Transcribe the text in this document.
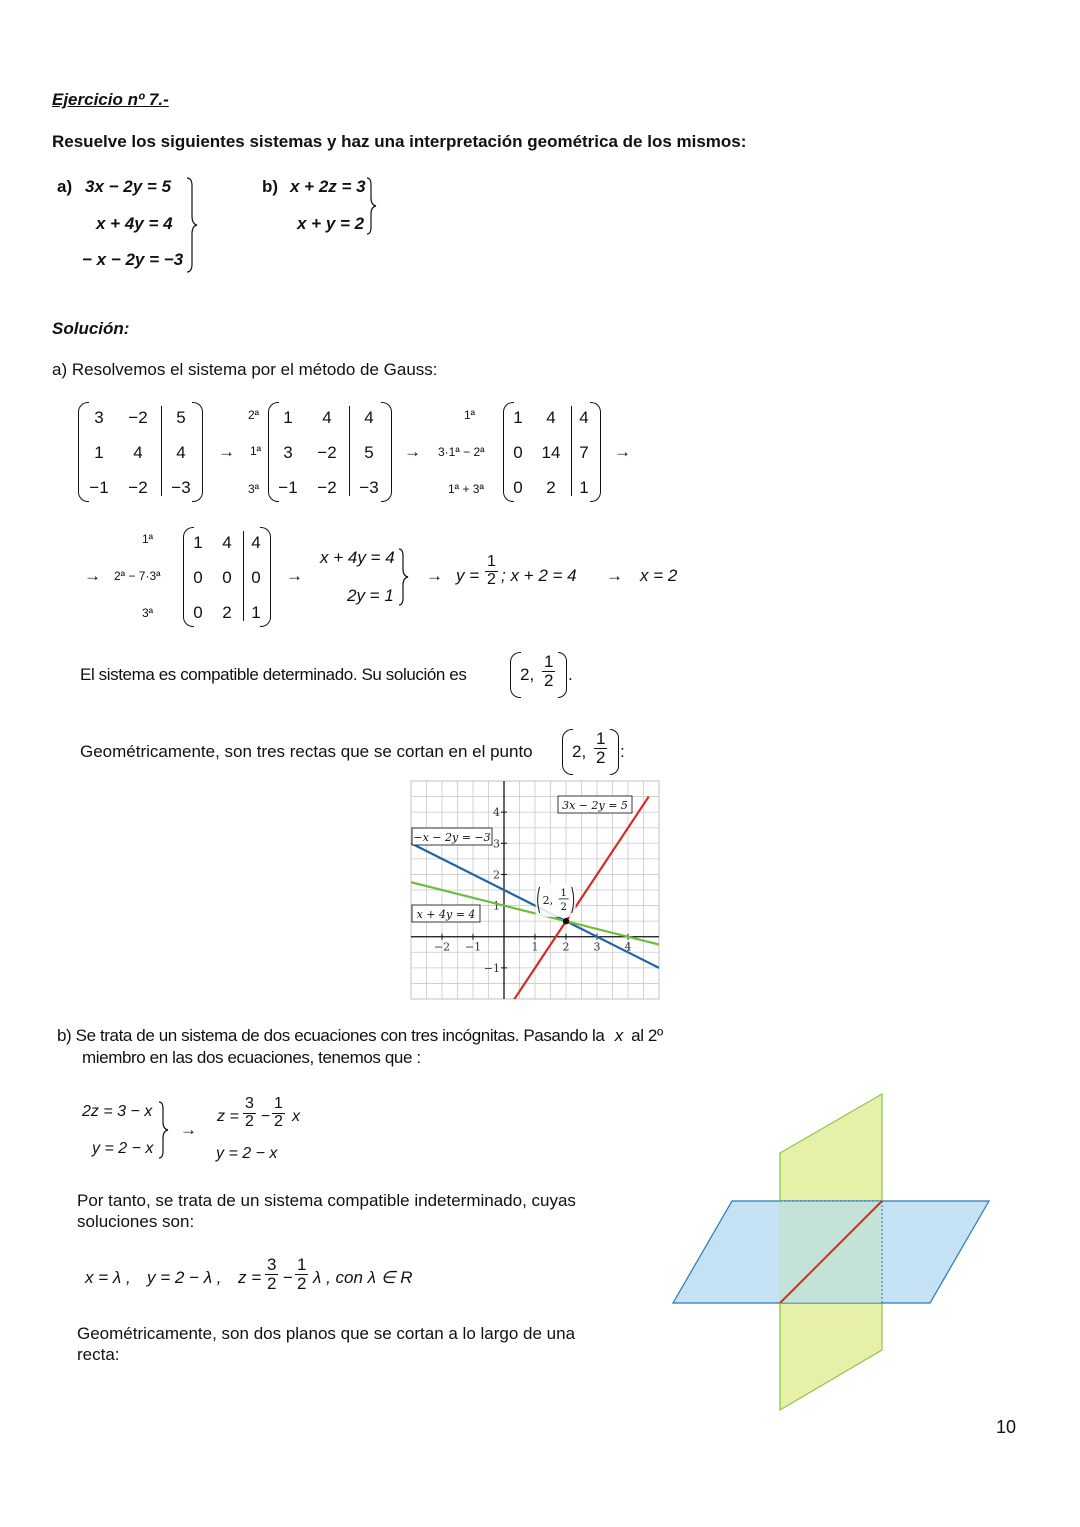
Ejercicio nº 7.-
Resuelve los siguientes sistemas y haz una interpretación geométrica de los mismos:
a) 3x − 2y = 5
x + 4y = 4
− x − 2y = −3
b) x + 2z = 3
x + y = 2
Solución:
a) Resolvemos el sistema por el método de Gauss:
3	−2	5
1	4	4
−1	−2	−3
→
2ª
1ª
3ª
1	4	4
3	−2	5
−1	−2	−3
→
1ª
3·1ª − 2ª
1ª + 3ª
1	4	4
0	14	7
0	2	1
→
→
1ª
2ª − 7·3ª
3ª
1	4	4
0	0	0
0	2	1
→
x + 4y = 4
2y = 1
→ $y = \frac{1}{2}$ ; x + 2 = 4 → x = 2
El sistema es compatible determinado. Su solución es	2, $\frac{1}{2}$ .
Geométricamente, son tres rectas que se cortan en el punto 2, $\frac{1}{2}$ :
−2 −1	1 2 3 4
−1
1
2
3
4
2,
1
2
3x − 2y = 5
−x − 2y = −3
x + 4y = 4
b) Se trata de un sistema de dos ecuaciones con tres incógnitas. Pasando la x al 2º
miembro en las dos ecuaciones, tenemos que :
2z = 3 − x
y = 2 − x
→
$z = \frac{3}{2} - \frac{1}{2}$ x
y = 2 − x
Por tanto, se trata de un sistema compatible indeterminado, cuyas
soluciones son:
x = λ , y = 2 − λ , $z = \frac{3}{2} - \frac{1}{2}$ λ , con λ ∈ R
Geométricamente, son dos planos que se cortan a lo largo de una
recta:
10
